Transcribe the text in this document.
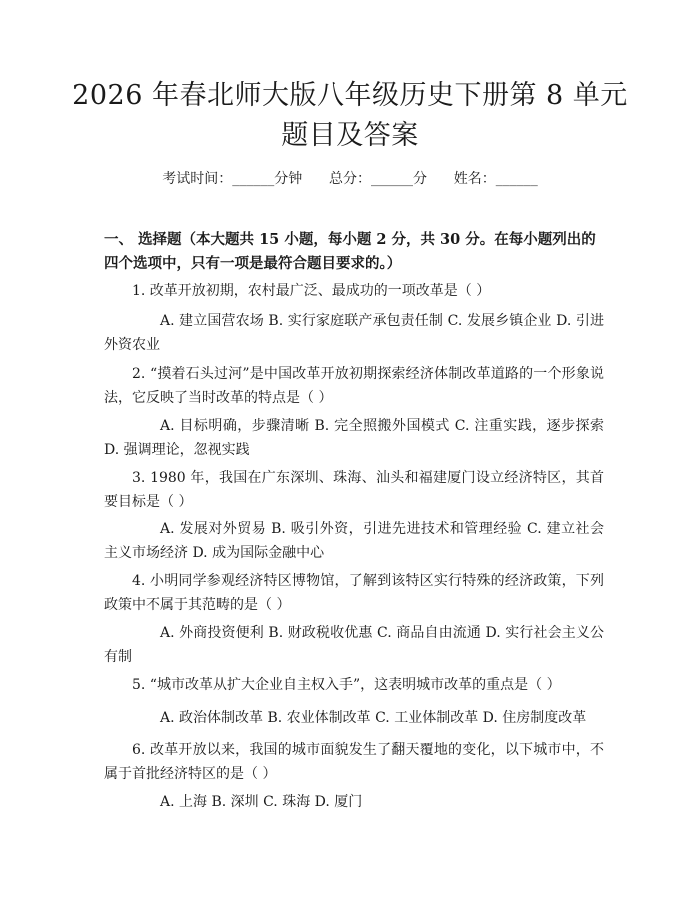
2026 年春北师大版八年级历史下册第 8 单元
题目及答案
考试时间：______分钟      总分：______分      姓名：______
一、 选择题（本大题共 15 小题，每小题 2 分，共 30 分。在每小题列出的四个选项中，只有一项是最符合题目要求的。）
1. 改革开放初期，农村最广泛、最成功的一项改革是（ ）
A. 建立国营农场 B. 实行家庭联产承包责任制 C. 发展乡镇企业 D. 引进外资农业
2. “摸着石头过河”是中国改革开放初期探索经济体制改革道路的一个形象说法，它反映了当时改革的特点是（ ）
A. 目标明确，步骤清晰 B. 完全照搬外国模式 C. 注重实践，逐步探索 D. 强调理论，忽视实践
3. 1980 年，我国在广东深圳、珠海、汕头和福建厦门设立经济特区，其首要目标是（ ）
A. 发展对外贸易 B. 吸引外资，引进先进技术和管理经验 C. 建立社会主义市场经济 D. 成为国际金融中心
4. 小明同学参观经济特区博物馆，了解到该特区实行特殊的经济政策，下列政策中不属于其范畴的是（ ）
A. 外商投资便利 B. 财政税收优惠 C. 商品自由流通 D. 实行社会主义公有制
5. “城市改革从扩大企业自主权入手”，这表明城市改革的重点是（ ）
A. 政治体制改革 B. 农业体制改革 C. 工业体制改革 D. 住房制度改革
6. 改革开放以来，我国的城市面貌发生了翻天覆地的变化，以下城市中，不属于首批经济特区的是（ ）
A. 上海 B. 深圳 C. 珠海 D. 厦门
